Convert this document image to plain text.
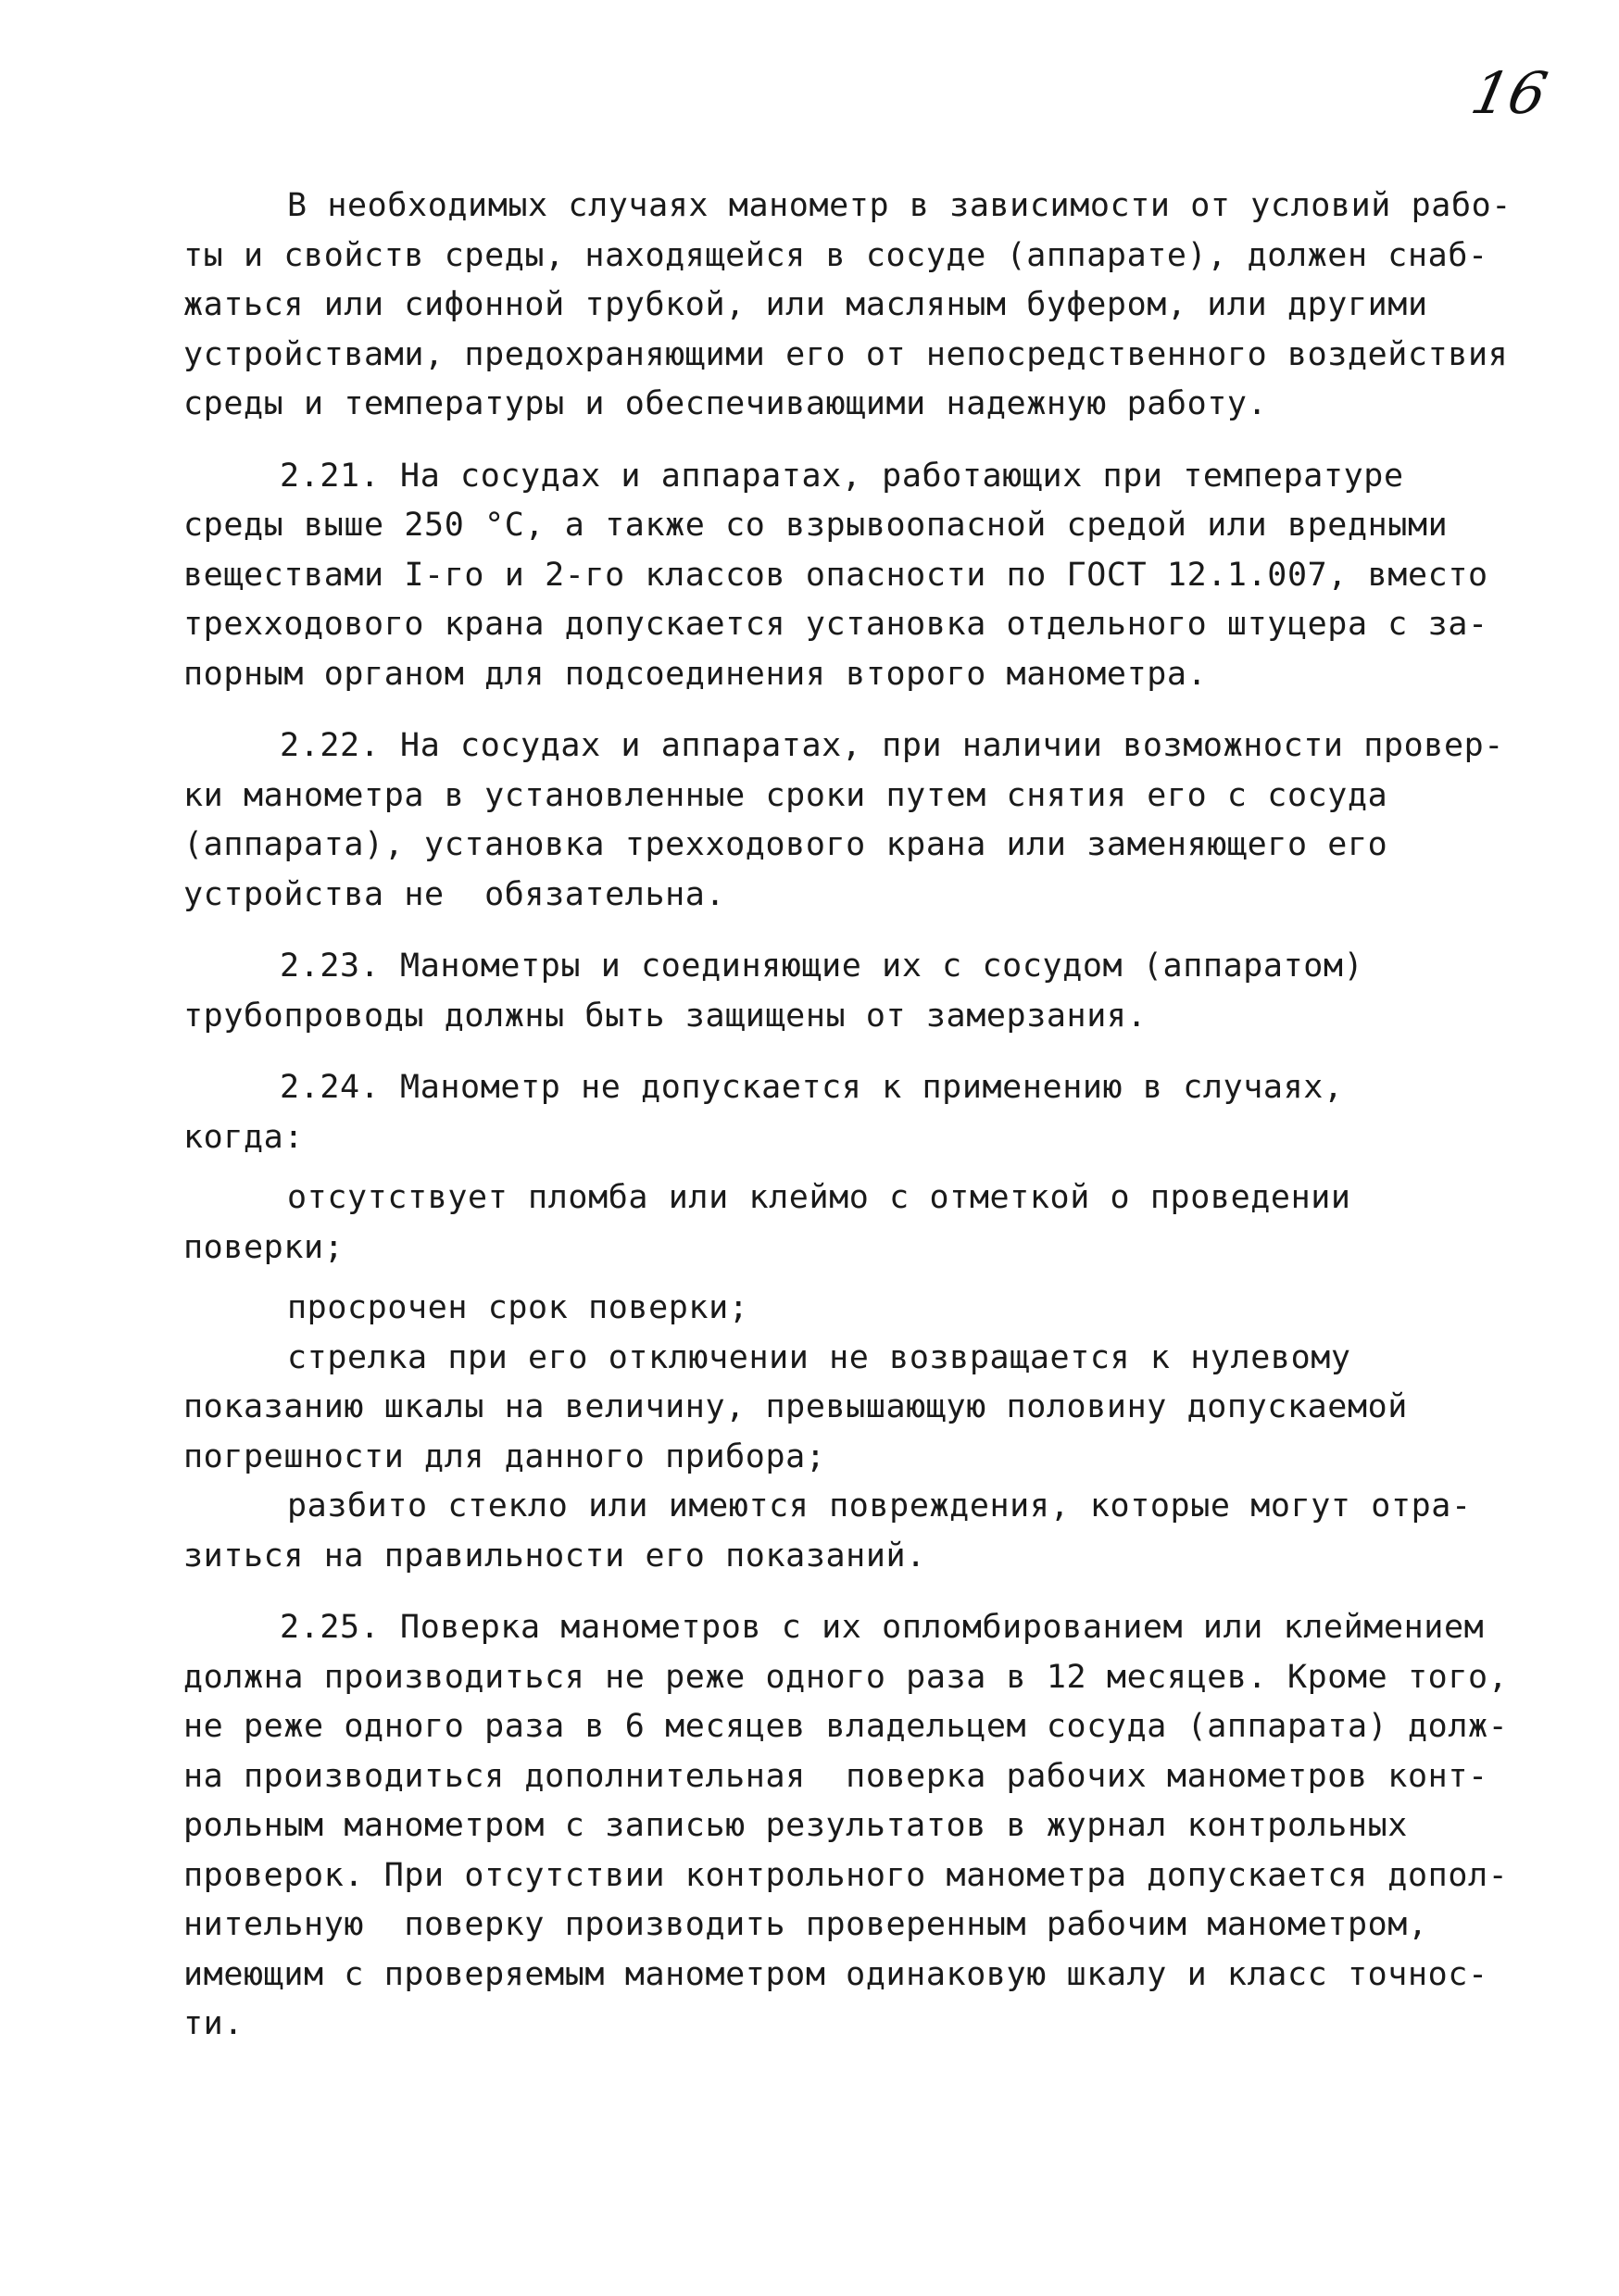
16
В необходимых случаях манометр в зависимости от условий рабо-
ты и свойств среды, находящейся в сосуде (аппарате), должен снаб-
жаться или сифонной трубкой, или масляным буфером, или другими
устройствами, предохраняющими его от непосредственного воздействия
среды и температуры и обеспечивающими надежную работу.
2.21. На сосудах и аппаратах, работающих при температуре
среды выше 250 °С, а также со взрывоопасной средой или вредными
веществами I-го и 2-го классов опасности по ГОСТ 12.1.007, вместо
трехходового крана допускается установка отдельного штуцера с за-
порным органом для подсоединения второго манометра.
2.22. На сосудах и аппаратах, при наличии возможности провер-
ки манометра в установленные сроки путем снятия его с сосуда
(аппарата), установка трехходового крана или заменяющего его
устройства не  обязательна.
2.23. Манометры и соединяющие их с сосудом (аппаратом)
трубопроводы должны быть защищены от замерзания.
2.24. Манометр не допускается к применению в случаях,
когда:
отсутствует пломба или клеймо с отметкой о проведении
поверки;
просрочен срок поверки;
стрелка при его отключении не возвращается к нулевому
показанию шкалы на величину, превышающую половину допускаемой
погрешности для данного прибора;
разбито стекло или имеются повреждения, которые могут отра-
зиться на правильности его показаний.
2.25. Поверка манометров с их опломбированием или клеймением
должна производиться не реже одного раза в 12 месяцев. Кроме того,
не реже одного раза в 6 месяцев владельцем сосуда (аппарата) долж-
на производиться дополнительная  поверка рабочих манометров конт-
рольным манометром с записью результатов в журнал контрольных
проверок. При отсутствии контрольного манометра допускается допол-
нительную  поверку производить проверенным рабочим манометром,
имеющим с проверяемым манометром одинаковую шкалу и класс точнос-
ти.
